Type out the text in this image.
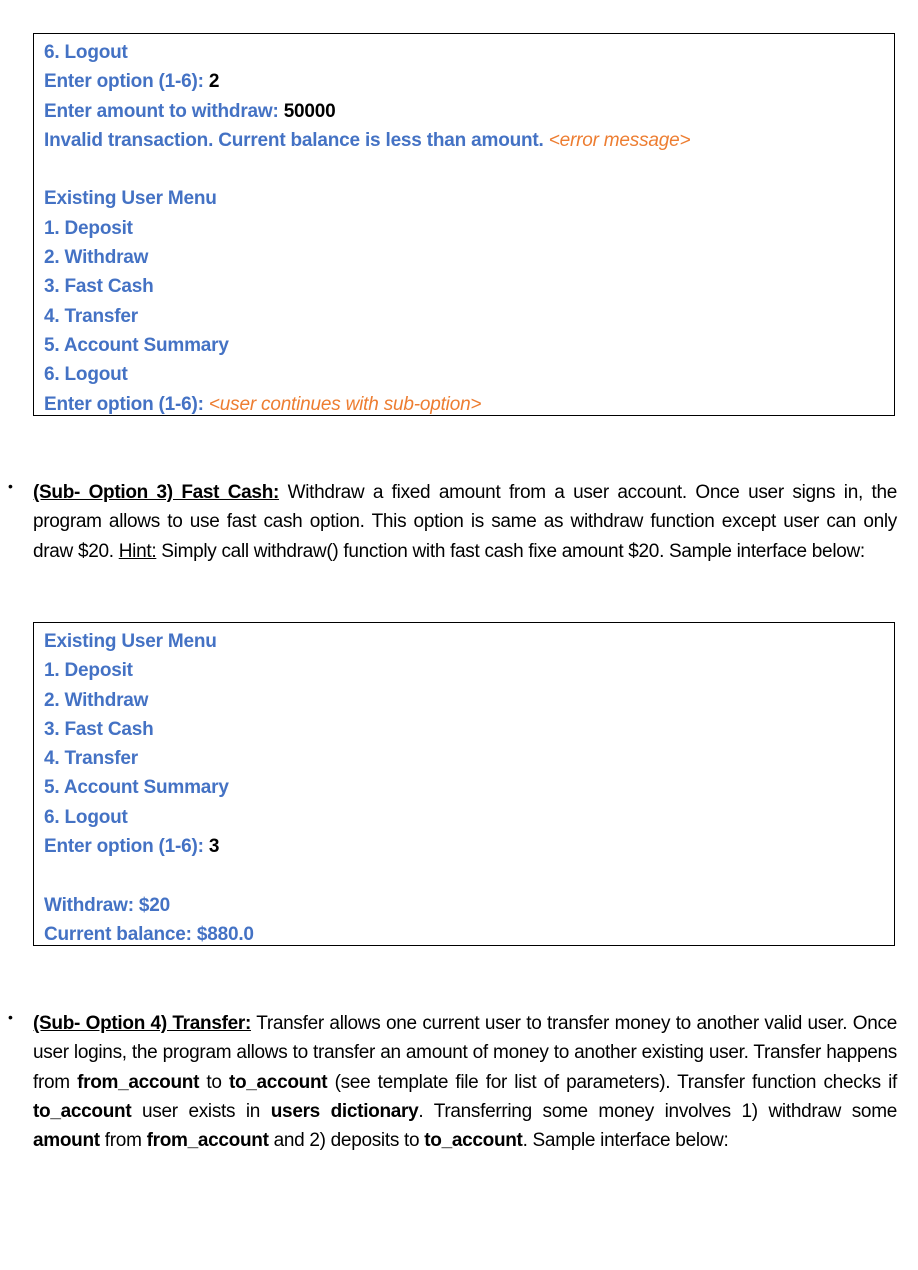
6. Logout
Enter option (1-6): 2
Enter amount to withdraw: 50000
Invalid transaction. Current balance is less than amount. <error message>
Existing User Menu
1. Deposit
2. Withdraw
3. Fast Cash
4. Transfer
5. Account Summary
6. Logout
Enter option (1-6): <user continues with sub-option>
• (Sub- Option 3) Fast Cash: Withdraw a fixed amount from a user account. Once user signs in, the program allows to use fast cash option. This option is same as withdraw function except user can only draw $20. Hint: Simply call withdraw() function with fast cash fixe amount $20. Sample interface below:
Existing User Menu
1. Deposit
2. Withdraw
3. Fast Cash
4. Transfer
5. Account Summary
6. Logout
Enter option (1-6): 3
Withdraw: $20
Current balance: $880.0
• (Sub- Option 4) Transfer: Transfer allows one current user to transfer money to another valid user. Once user logins, the program allows to transfer an amount of money to another existing user. Transfer happens from from_account to to_account (see template file for list of parameters). Transfer function checks if to_account user exists in users dictionary. Transferring some money involves 1) withdraw some amount from from_account and 2) deposits to to_account. Sample interface below:
